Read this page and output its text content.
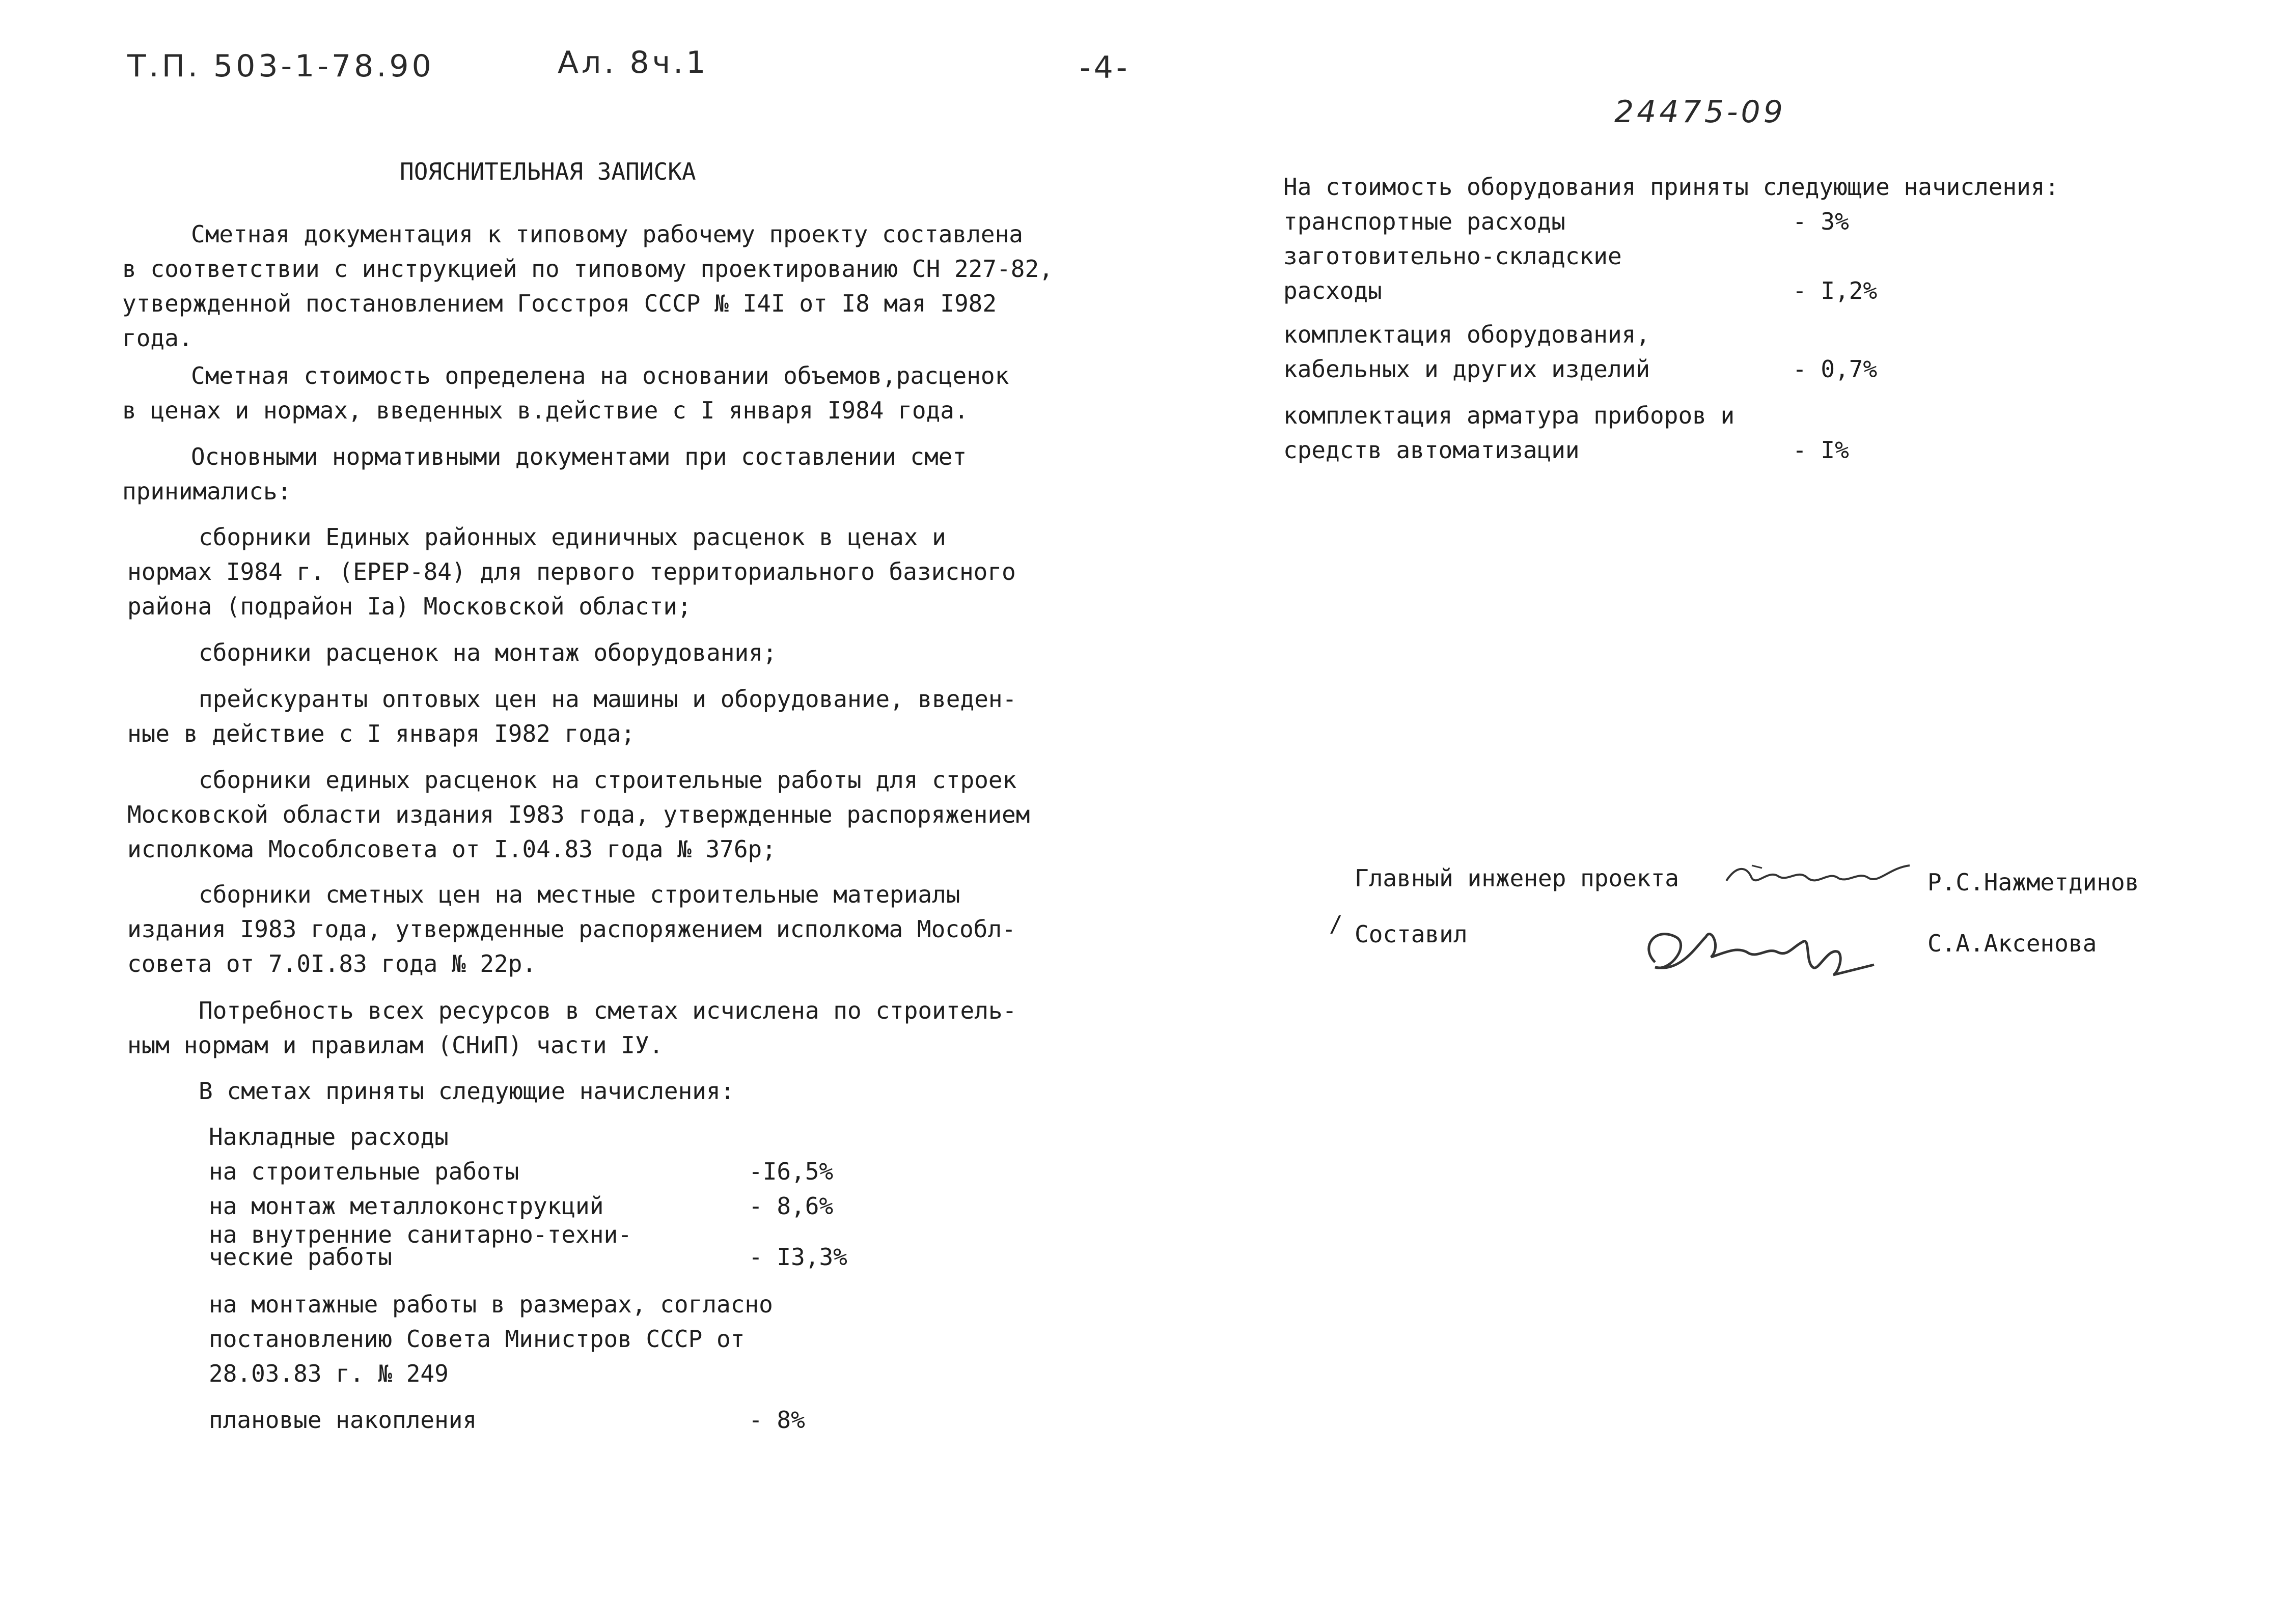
Т.П. 503-1-78.90	Ал. 8ч.1	-4-
24475-09
ПОЯСНИТЕЛЬНАЯ ЗАПИСКА
Сметная документация к типовому рабочему проекту составлена
в соответствии с инструкцией по типовому проектированию СН 227-82,
утвержденной постановлением Госстроя СССР № I4I от I8 мая I982
года.
Сметная стоимость определена на основании объемов,расценок
в ценах и нормах, введенных в.действие с I января I984 года.
Основными нормативными документами при составлении смет
принимались:
сборники Единых районных единичных расценок в ценах и
нормах I984 г. (ЕРЕР-84) для первого территориального базисного
района (подрайон Iа) Московской области;
сборники расценок на монтаж оборудования;
прейскуранты оптовых цен на машины и оборудование, введен-
ные в действие с I января I982 года;
сборники единых расценок на строительные работы для строек
Московской области издания I983 года, утвержденные распоряжением
исполкома Мособлсовета от I.04.83 года № 376р;
сборники сметных цен на местные строительные материалы
издания I983 года, утвержденные распоряжением исполкома Мособл-
совета от 7.0I.83 года № 22р.
Потребность всех ресурсов в сметах исчислена по строитель-
ным нормам и правилам (СНиП) части IУ.
В сметах приняты следующие начисления:
Накладные расходы
на строительные работы	-I6,5%
на монтаж металлоконструкций	- 8,6%
на внутренние санитарно-техни-
ческие работы	- I3,3%
на монтажные работы в размерах, согласно
постановлению Совета Министров СССР от
28.03.83 г. № 249
плановые накопления	- 8%
На стоимость оборудования приняты следующие начисления:
транспортные расходы	- 3%
заготовительно-складские
расходы	- I,2%
комплектация оборудования,
кабельных и других изделий	- 0,7%
комплектация арматура приборов и
средств автоматизации	- I%
Главный инженер проекта	Р.С.Нажметдинов
/ Составил	С.А.Аксенова
